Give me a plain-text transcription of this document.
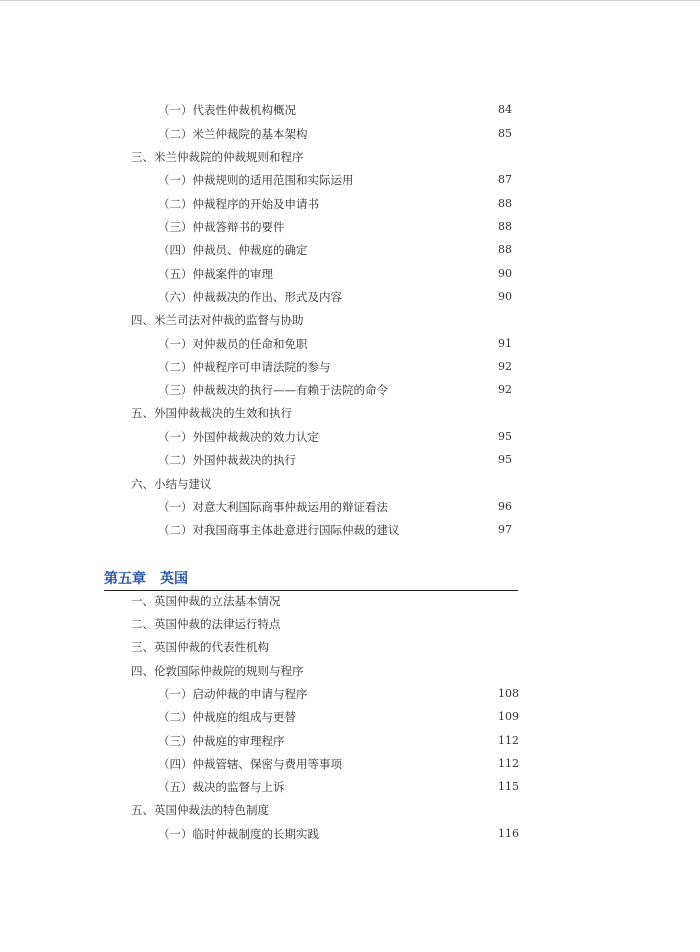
（一）代表性仲裁机构概况	84
（二）米兰仲裁院的基本架构	85
三、米兰仲裁院的仲裁规则和程序
（一）仲裁规则的适用范围和实际运用	87
（二）仲裁程序的开始及申请书	88
（三）仲裁答辩书的要件	88
（四）仲裁员、仲裁庭的确定	88
（五）仲裁案件的审理	90
（六）仲裁裁决的作出、形式及内容	90
四、米兰司法对仲裁的监督与协助
（一）对仲裁员的任命和免职	91
（二）仲裁程序可申请法院的参与	92
（三）仲裁裁决的执行——有赖于法院的命令	92
五、外国仲裁裁决的生效和执行
（一）外国仲裁裁决的效力认定	95
（二）外国仲裁裁决的执行	95
六、小结与建议
（一）对意大利国际商事仲裁运用的辩证看法	96
（二）对我国商事主体赴意进行国际仲裁的建议	97
第五章　英国
一、英国仲裁的立法基本情况
二、英国仲裁的法律运行特点
三、英国仲裁的代表性机构
四、伦敦国际仲裁院的规则与程序
（一）启动仲裁的申请与程序	108
（二）仲裁庭的组成与更替	109
（三）仲裁庭的审理程序	112
（四）仲裁管辖、保密与费用等事项	112
（五）裁决的监督与上诉	115
五、英国仲裁法的特色制度
（一）临时仲裁制度的长期实践	116
